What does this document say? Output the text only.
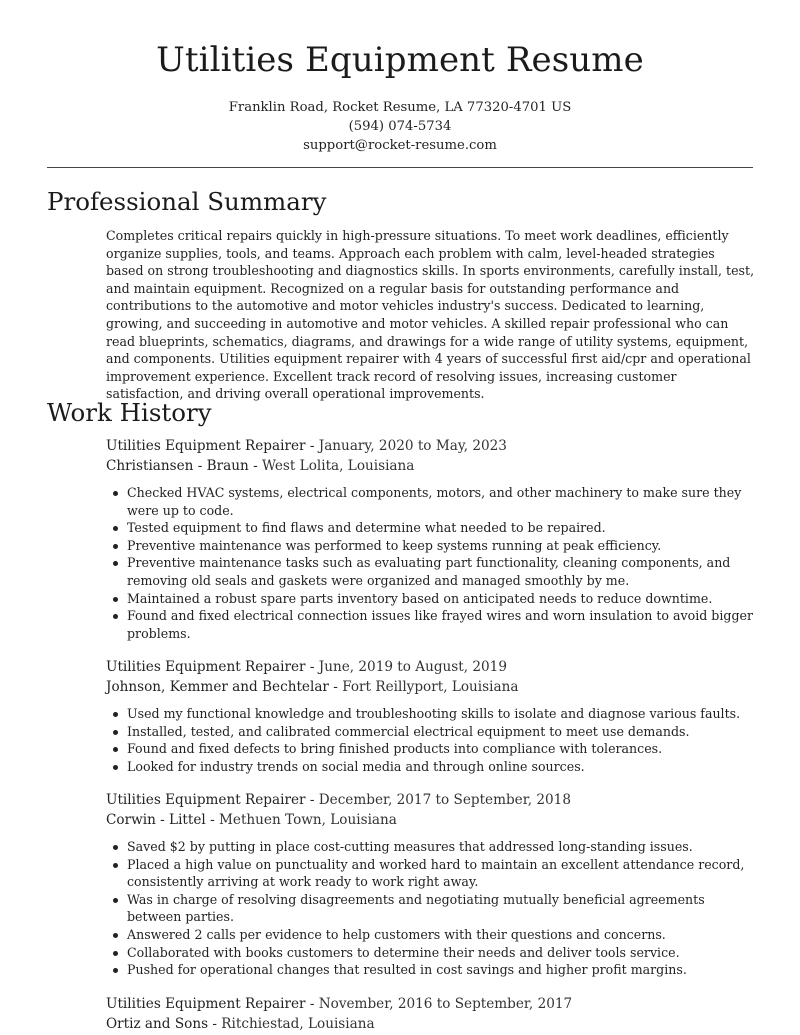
Utilities Equipment Resume
Franklin Road, Rocket Resume, LA 77320-4701 US
(594) 074-5734
support@rocket-resume.com
Professional Summary

Completes critical repairs quickly in high-pressure situations. To meet work deadlines, efficiently organize supplies, tools, and teams. Approach each problem with calm, level-headed strategies based on strong troubleshooting and diagnostics skills. In sports environments, carefully install, test, and maintain equipment. Recognized on a regular basis for outstanding performance and contributions to the automotive and motor vehicles industry's success. Dedicated to learning, growing, and succeeding in automotive and motor vehicles. A skilled repair professional who can read blueprints, schematics, diagrams, and drawings for a wide range of utility systems, equipment, and components. Utilities equipment repairer with 4 years of successful first aid/cpr and operational improvement experience. Excellent track record of resolving issues, increasing customer satisfaction, and driving overall operational improvements.

Work History

Utilities Equipment Repairer - January, 2020 to May, 2023

Christiansen - Braun - West Lolita, Louisiana

Checked HVAC systems, electrical components, motors, and other machinery to make sure they were up to code.
Tested equipment to find flaws and determine what needed to be repaired.
Preventive maintenance was performed to keep systems running at peak efficiency.
Preventive maintenance tasks such as evaluating part functionality, cleaning components, and removing old seals and gaskets were organized and managed smoothly by me.
Maintained a robust spare parts inventory based on anticipated needs to reduce downtime.
Found and fixed electrical connection issues like frayed wires and worn insulation to avoid bigger problems.

Utilities Equipment Repairer - June, 2019 to August, 2019

Johnson, Kemmer and Bechtelar - Fort Reillyport, Louisiana

Used my functional knowledge and troubleshooting skills to isolate and diagnose various faults.
Installed, tested, and calibrated commercial electrical equipment to meet use demands.
Found and fixed defects to bring finished products into compliance with tolerances.
Looked for industry trends on social media and through online sources.

Utilities Equipment Repairer - December, 2017 to September, 2018

Corwin - Littel - Methuen Town, Louisiana

Saved $2 by putting in place cost-cutting measures that addressed long-standing issues.
Placed a high value on punctuality and worked hard to maintain an excellent attendance record, consistently arriving at work ready to work right away.
Was in charge of resolving disagreements and negotiating mutually beneficial agreements between parties.
Answered 2 calls per evidence to help customers with their questions and concerns.
Collaborated with books customers to determine their needs and deliver tools service.
Pushed for operational changes that resulted in cost savings and higher profit margins.

Utilities Equipment Repairer - November, 2016 to September, 2017

Ortiz and Sons - Ritchiestad, Louisiana
